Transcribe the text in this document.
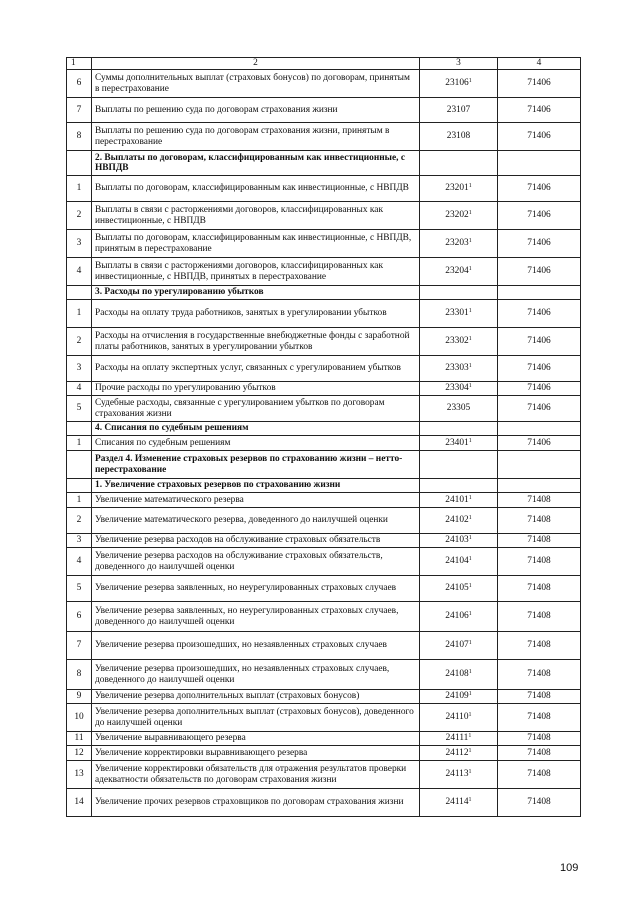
1	2	3	4
6	Суммы дополнительных выплат (страховых бонусов) по договорам, принятым в перестрахование	23106$^1$	71406
7	Выплаты по решению суда по договорам страхования жизни	23107	71406
8	Выплаты по решению суда по договорам страхования жизни, принятым в перестрахование	23108	71406
	2. Выплаты по договорам, классифицированным как инвестиционные, с НВПДВ		
1	Выплаты по договорам, классифицированным как инвестиционные, с НВПДВ	23201$^1$	71406
2	Выплаты в связи с расторжениями договоров, классифицированных как инвестиционные, с НВПДВ	23202$^1$	71406
3	Выплаты по договорам, классифицированным как инвестиционные, с НВПДВ, принятым в перестрахование	23203$^1$	71406
4	Выплаты в связи с расторжениями договоров, классифицированных как инвестиционные, с НВПДВ, принятых в перестрахование	23204$^1$	71406
	3. Расходы по урегулированию убытков		
1	Расходы на оплату труда работников, занятых в урегулировании убытков	23301$^1$	71406
2	Расходы на отчисления в государственные внебюджетные фонды с заработной платы работников, занятых в урегулировании убытков	23302$^1$	71406
3	Расходы на оплату экспертных услуг, связанных с урегулированием убытков	23303$^1$	71406
4	Прочие расходы по урегулированию убытков	23304$^1$	71406
5	Судебные расходы, связанные с урегулированием убытков по договорам страхования жизни	23305	71406
	4. Списания по судебным решениям		
1	Списания по судебным решениям	23401$^1$	71406
	Раздел 4. Изменение страховых резервов по страхованию жизни – нетто-перестрахование		
	1. Увеличение страховых резервов по страхованию жизни		
1	Увеличение математического резерва	24101$^1$	71408
2	Увеличение математического резерва, доведенного до наилучшей оценки	24102$^1$	71408
3	Увеличение резерва расходов на обслуживание страховых обязательств	24103$^1$	71408
4	Увеличение резерва расходов на обслуживание страховых обязательств, доведенного до наилучшей оценки	24104$^1$	71408
5	Увеличение резерва заявленных, но неурегулированных страховых случаев	24105$^1$	71408
6	Увеличение резерва заявленных, но неурегулированных страховых случаев, доведенного до наилучшей оценки	24106$^1$	71408
7	Увеличение резерва произошедших, но незаявленных страховых случаев	24107$^1$	71408
8	Увеличение резерва произошедших, но незаявленных страховых случаев, доведенного до наилучшей оценки	24108$^1$	71408
9	Увеличение резерва дополнительных выплат (страховых бонусов)	24109$^1$	71408
10	Увеличение резерва дополнительных выплат (страховых бонусов), доведенного до наилучшей оценки	24110$^1$	71408
11	Увеличение выравнивающего резерва	24111$^1$	71408
12	Увеличение корректировки выравнивающего резерва	24112$^1$	71408
13	Увеличение корректировки обязательств для отражения результатов проверки адекватности обязательств по договорам страхования жизни	24113$^1$	71408
14	Увеличение прочих резервов страховщиков по договорам страхования жизни	24114$^1$	71408
109
